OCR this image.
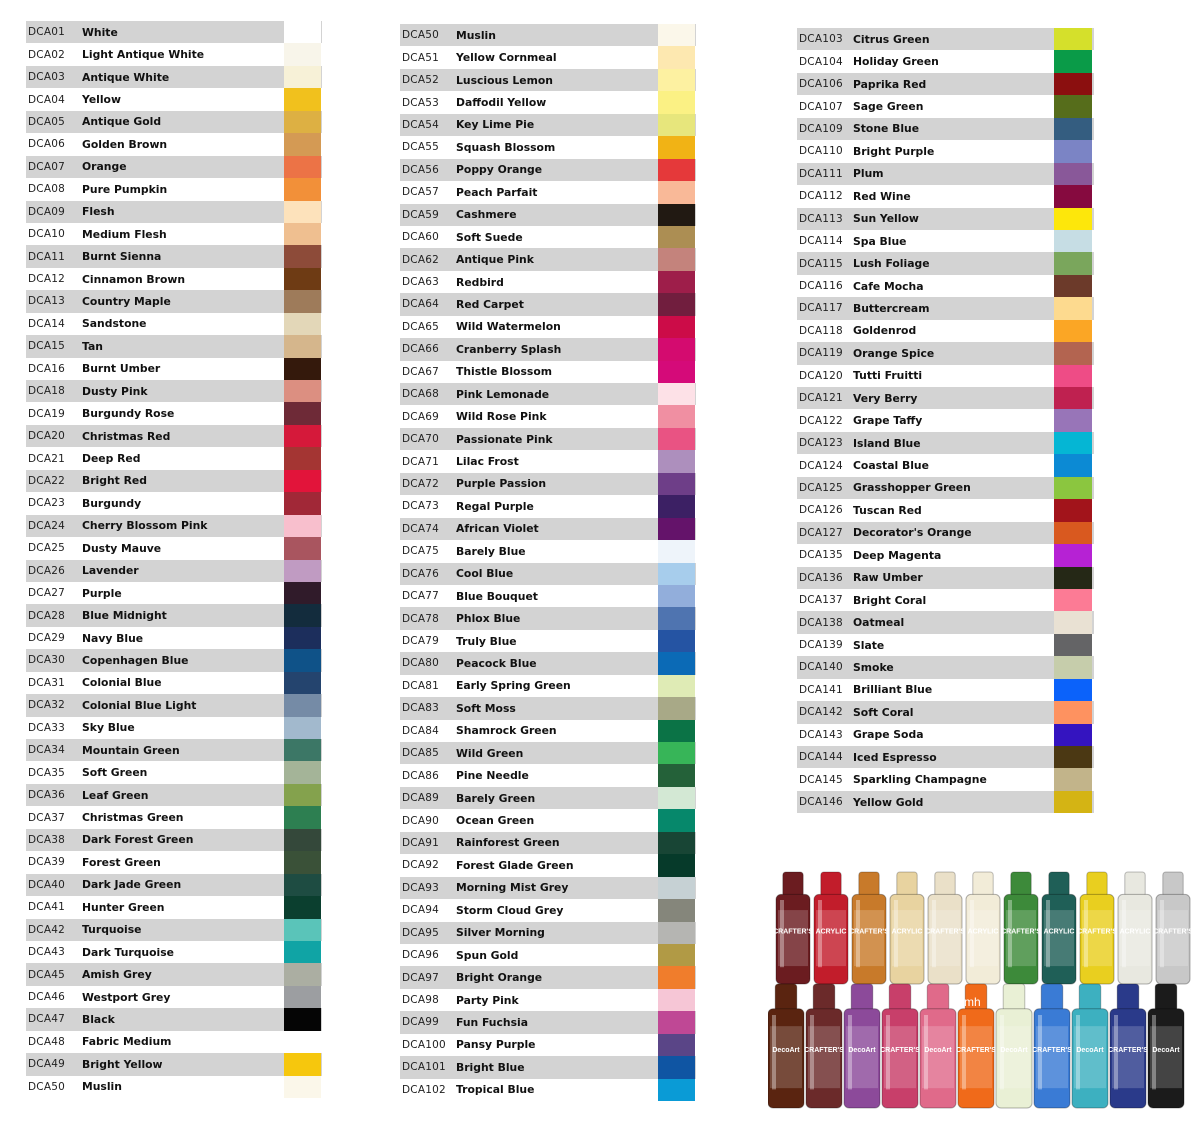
DCA01	White
DCA02	Light Antique White
DCA03	Antique White
DCA04	Yellow
DCA05	Antique Gold
DCA06	Golden Brown
DCA07	Orange
DCA08	Pure Pumpkin
DCA09	Flesh
DCA10	Medium Flesh
DCA11	Burnt Sienna
DCA12	Cinnamon Brown
DCA13	Country Maple
DCA14	Sandstone
DCA15	Tan
DCA16	Burnt Umber
DCA18	Dusty Pink
DCA19	Burgundy Rose
DCA20	Christmas Red
DCA21	Deep Red
DCA22	Bright Red
DCA23	Burgundy
DCA24	Cherry Blossom Pink
DCA25	Dusty Mauve
DCA26	Lavender
DCA27	Purple
DCA28	Blue Midnight
DCA29	Navy Blue
DCA30	Copenhagen Blue
DCA31	Colonial Blue
DCA32	Colonial Blue Light
DCA33	Sky Blue
DCA34	Mountain Green
DCA35	Soft Green
DCA36	Leaf Green
DCA37	Christmas Green
DCA38	Dark Forest Green
DCA39	Forest Green
DCA40	Dark Jade Green
DCA41	Hunter Green
DCA42	Turquoise
DCA43	Dark Turquoise
DCA45	Amish Grey
DCA46	Westport Grey
DCA47	Black
DCA48	Fabric Medium
DCA49	Bright Yellow
DCA50	Muslin
DCA50	Muslin
DCA51	Yellow Cornmeal
DCA52	Luscious Lemon
DCA53	Daffodil Yellow
DCA54	Key Lime Pie
DCA55	Squash Blossom
DCA56	Poppy Orange
DCA57	Peach Parfait
DCA59	Cashmere
DCA60	Soft Suede
DCA62	Antique Pink
DCA63	Redbird
DCA64	Red Carpet
DCA65	Wild Watermelon
DCA66	Cranberry Splash
DCA67	Thistle Blossom
DCA68	Pink Lemonade
DCA69	Wild Rose Pink
DCA70	Passionate Pink
DCA71	Lilac Frost
DCA72	Purple Passion
DCA73	Regal Purple
DCA74	African Violet
DCA75	Barely Blue
DCA76	Cool Blue
DCA77	Blue Bouquet
DCA78	Phlox Blue
DCA79	Truly Blue
DCA80	Peacock Blue
DCA81	Early Spring Green
DCA83	Soft Moss
DCA84	Shamrock Green
DCA85	Wild Green
DCA86	Pine Needle
DCA89	Barely Green
DCA90	Ocean Green
DCA91	Rainforest Green
DCA92	Forest Glade Green
DCA93	Morning Mist Grey
DCA94	Storm Cloud Grey
DCA95	Silver Morning
DCA96	Spun Gold
DCA97	Bright Orange
DCA98	Party Pink
DCA99	Fun Fuchsia
DCA100 Pansy Purple
DCA101 Bright Blue
DCA102 Tropical Blue
DCA103 Citrus Green
DCA104 Holiday Green
DCA106 Paprika Red
DCA107 Sage Green
DCA109 Stone Blue
DCA110 Bright Purple
DCA111 Plum
DCA112 Red Wine
DCA113 Sun Yellow
DCA114 Spa Blue
DCA115 Lush Foliage
DCA116 Cafe Mocha
DCA117 Buttercream
DCA118 Goldenrod
DCA119 Orange Spice
DCA120 Tutti Fruitti
DCA121 Very Berry
DCA122 Grape Taffy
DCA123 Island Blue
DCA124 Coastal Blue
DCA125 Grasshopper Green
DCA126 Tuscan Red
DCA127 Decorator's Orange
DCA135 Deep Magenta
DCA136 Raw Umber
DCA137 Bright Coral
DCA138 Oatmeal
DCA139 Slate
DCA140 Smoke
DCA141 Brilliant Blue
DCA142 Soft Coral
DCA143 Grape Soda
DCA144 Iced Espresso
DCA145 Sparkling Champagne
DCA146 Yellow Gold
CRAFTER'S ACRYLIC CRAFTER'S ACRYLIC CRAFTER'S ACRYLIC CRAFTER'S ACRYLIC CRAFTER'S ACRYLIC CRAFTER'S
DecoArt CRAFTER'S DecoArt CRAFTER'S DecoArt CRAFTER'S DecoArt CRAFTER'S DecoArt CRAFTER'S DecoArt
mh
